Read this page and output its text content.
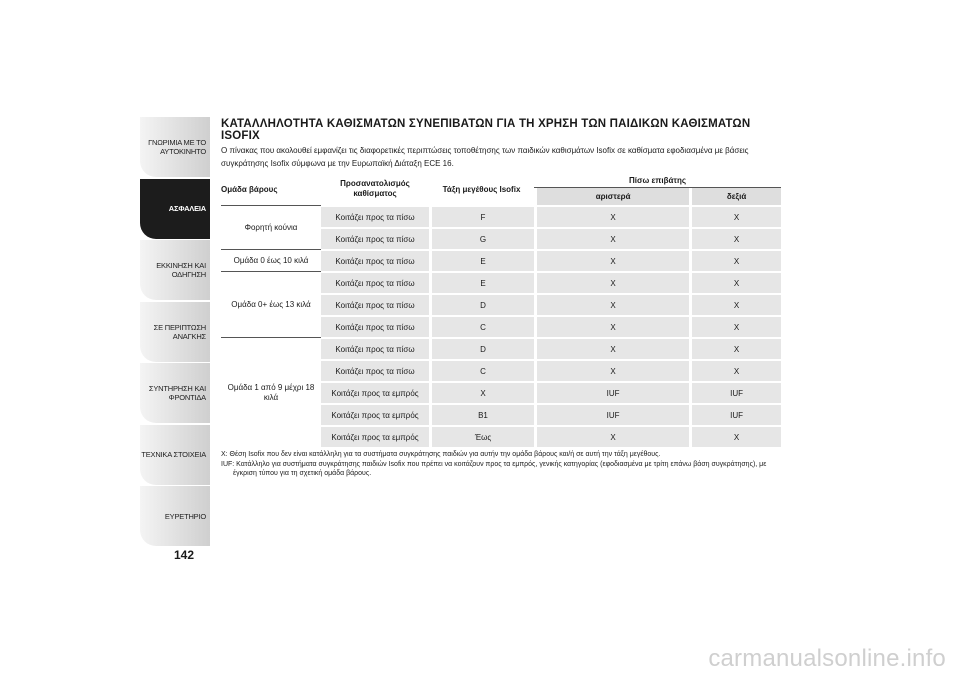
ΓΝΩΡΙΜΙΑ ΜΕ ΤΟ ΑΥΤΟΚΙΝΗΤΟ
ΑΣΦΑΛΕΙΑ
ΕΚΚΙΝΗΣΗ ΚΑΙ ΟΔΗΓΗΣΗ
ΣΕ ΠΕΡΙΠΤΩΣΗ ΑΝΑΓΚΗΣ
ΣΥΝΤΗΡΗΣΗ ΚΑΙ ΦΡΟΝΤΙΔΑ
ΤΕΧΝΙΚΑ ΣΤΟΙΧΕΙΑ
ΕΥΡΕΤΗΡΙΟ
142
ΚΑΤΑΛΛΗΛΟΤΗΤΑ ΚΑΘΙΣΜΑΤΩΝ ΣΥΝΕΠΙΒΑΤΩΝ ΓΙΑ ΤΗ ΧΡΗΣΗ ΤΩΝ ΠΑΙΔΙΚΩΝ ΚΑΘΙΣΜΑΤΩΝ ISOFIX

Ο πίνακας που ακολουθεί εμφανίζει τις διαφορετικές περιπτώσεις τοποθέτησης των παιδικών καθισμάτων Isofix σε καθίσματα εφοδιασμένα με βάσεις συγκράτησης Isofix σύμφωνα με την Ευρωπαϊκή Διάταξη ECE 16.

Ομάδα βάρους	Προσανατολισμός καθίσματος	Τάξη μεγέθους Isofix	Πίσω επιβάτης	
			αριστερά	δεξιά
Φορητή κούνια	Κοιτάζει προς τα πίσω	F	X	X
	Κοιτάζει προς τα πίσω	G	X	X
Ομάδα 0 έως 10 κιλά	Κοιτάζει προς τα πίσω	E	X	X
Ομάδα 0+ έως 13 κιλά	Κοιτάζει προς τα πίσω	E	X	X
	Κοιτάζει προς τα πίσω	D	X	X
	Κοιτάζει προς τα πίσω	C	X	X
Ομάδα 1 από 9 μέχρι 18 κιλά	Κοιτάζει προς τα πίσω	D	X	X
	Κοιτάζει προς τα πίσω	C	X	X
	Κοιτάζει προς τα εμπρός	X	IUF	IUF
	Κοιτάζει προς τα εμπρός	B1	IUF	IUF
	Κοιτάζει προς τα εμπρός	Έως	X	X
X: Θέση Isofix που δεν είναι κατάλληλη για τα συστήματα συγκράτησης παιδιών για αυτήν την ομάδα βάρους και/ή σε αυτή την τάξη μεγέθους.
IUF: Κατάλληλο για συστήματα συγκράτησης παιδιών Isofix που πρέπει να κοιτάζουν προς τα εμπρός, γενικής κατηγορίας (εφοδιασμένα με τρίτη επάνω βάση συγκράτησης), με έγκριση τύπου για τη σχετική ομάδα βάρους.
carmanualsonline.info
